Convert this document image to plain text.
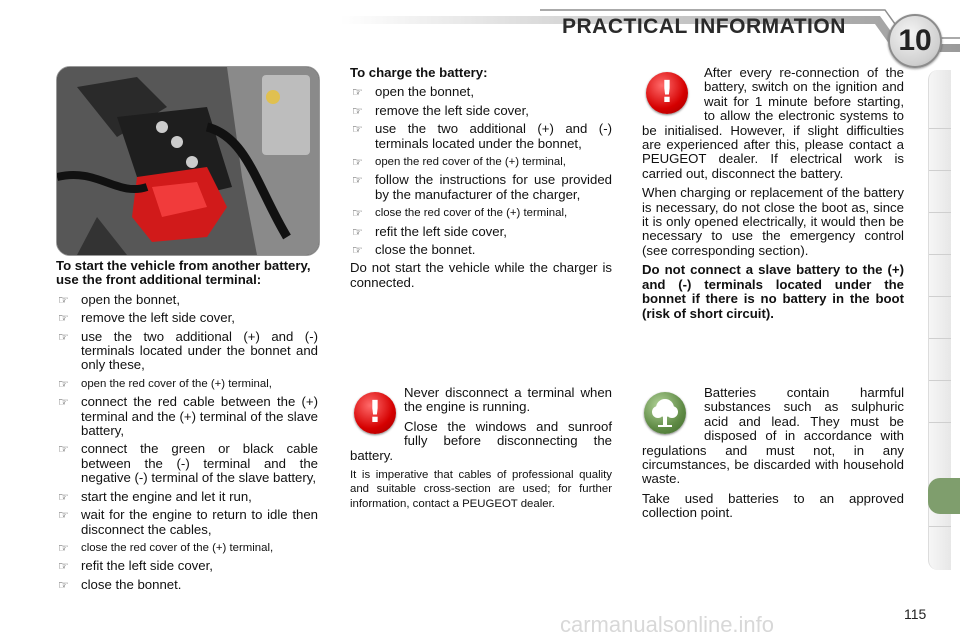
PRACTICAL INFORMATION	10

To start the vehicle from another battery, use the front additional terminal:

☞ open the bonnet,
☞ remove the left side cover,
☞ use the two additional (+) and (-) terminals located under the bonnet and only these,
☞ open the red cover of the (+) terminal,
☞ connect the red cable between the (+) terminal and the (+) terminal of the slave battery,
☞ connect the green or black cable between the (-) terminal and the negative (-) terminal of the slave battery,
☞ start the engine and let it run,
☞ wait for the engine to return to idle then disconnect the cables,
☞ close the red cover of the (+) terminal,
☞ refit the left side cover,
☞ close the bonnet.

To charge the battery:

☞ open the bonnet,
☞ remove the left side cover,
☞ use the two additional (+) and (-) terminals located under the bonnet,
☞ open the red cover of the (+) terminal,
☞ follow the instructions for use provided by the manufacturer of the charger,
☞ close the red cover of the (+) terminal,
☞ refit the left side cover,
☞ close the bonnet.

Do not start the vehicle while the charger is connected.

!

After every re-connection of the battery, switch on the ignition and wait for 1 minute before starting, to allow the electronic systems to be initialised. However, if slight difficulties are experienced after this, please contact a PEUGEOT dealer. If electrical work is carried out, disconnect the battery.

When charging or replacement of the battery is necessary, do not close the boot as, since it is only opened electrically, it would then be necessary to use the emergency control (see corresponding section).

Do not connect a slave battery to the (+) and (-) terminals located under the bonnet if there is no battery in the boot (risk of short circuit).

!

Never disconnect a terminal when the engine is running.

Close the windows and sunroof fully before disconnecting the battery.

It is imperative that cables of professional quality and suitable cross-section are used; for further information, contact a PEUGEOT dealer.

Batteries contain harmful substances such as sulphuric acid and lead. They must be disposed of in accordance with regulations and must not, in any circumstances, be discarded with household waste.

Take used batteries to an approved collection point.

115
carmanualsonline.info
